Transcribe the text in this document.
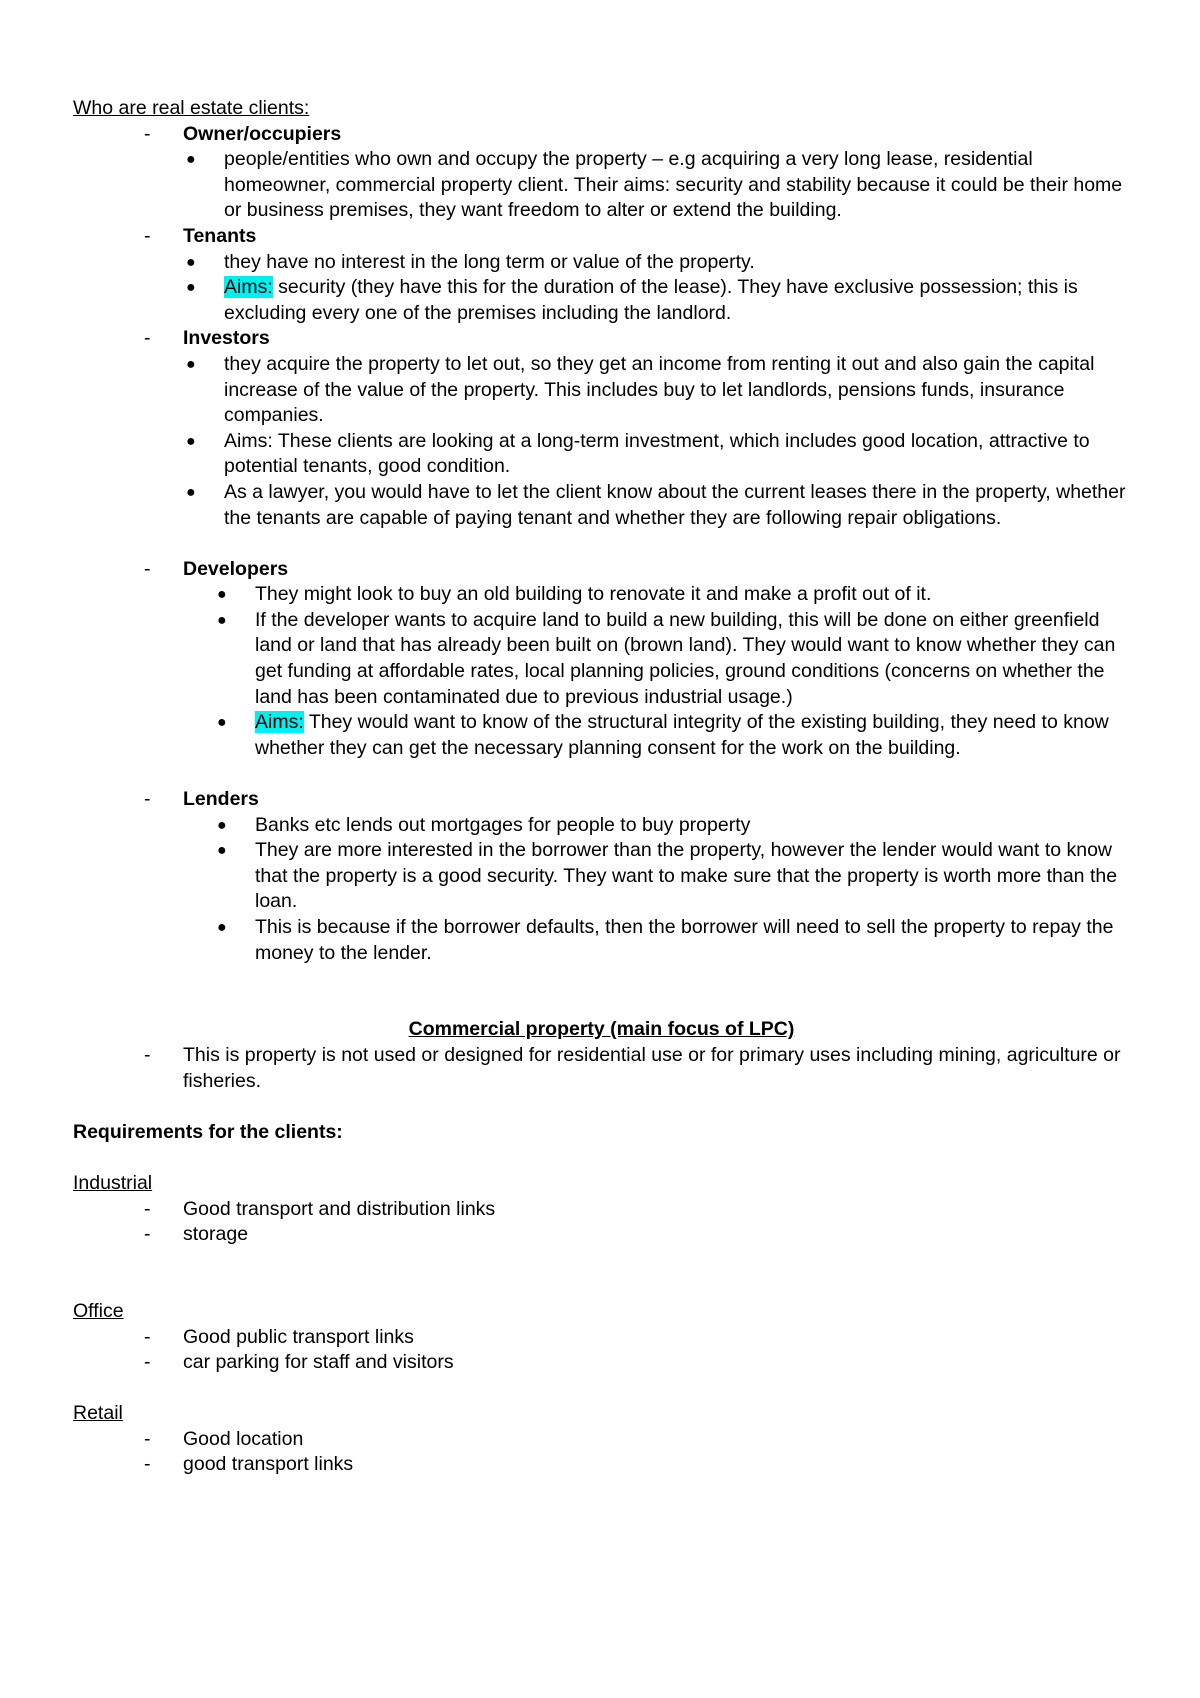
Who are real estate clients:
- Owner/occupiers
● people/entities who own and occupy the property – e.g acquiring a very long lease, residential homeowner, commercial property client. Their aims: security and stability because it could be their home or business premises, they want freedom to alter or extend the building.
- Tenants
● they have no interest in the long term or value of the property.
● Aims: security (they have this for the duration of the lease). They have exclusive possession; this is excluding every one of the premises including the landlord.
- Investors
● they acquire the property to let out, so they get an income from renting it out and also gain the capital increase of the value of the property. This includes buy to let landlords, pensions funds, insurance companies.
● Aims: These clients are looking at a long-term investment, which includes good location, attractive to potential tenants, good condition.
● As a lawyer, you would have to let the client know about the current leases there in the property, whether the tenants are capable of paying tenant and whether they are following repair obligations.
- Developers
● They might look to buy an old building to renovate it and make a profit out of it.
● If the developer wants to acquire land to build a new building, this will be done on either greenfield land or land that has already been built on (brown land). They would want to know whether they can get funding at affordable rates, local planning policies, ground conditions (concerns on whether the land has been contaminated due to previous industrial usage.)
● Aims: They would want to know of the structural integrity of the existing building, they need to know whether they can get the necessary planning consent for the work on the building.
- Lenders
● Banks etc lends out mortgages for people to buy property
● They are more interested in the borrower than the property, however the lender would want to know that the property is a good security. They want to make sure that the property is worth more than the loan.
● This is because if the borrower defaults, then the borrower will need to sell the property to repay the money to the lender.
Commercial property (main focus of LPC)
- This is property is not used or designed for residential use or for primary uses including mining, agriculture or fisheries.
Requirements for the clients:
Industrial
- Good transport and distribution links
- storage
Office
- Good public transport links
- car parking for staff and visitors
Retail
- Good location
- good transport links
